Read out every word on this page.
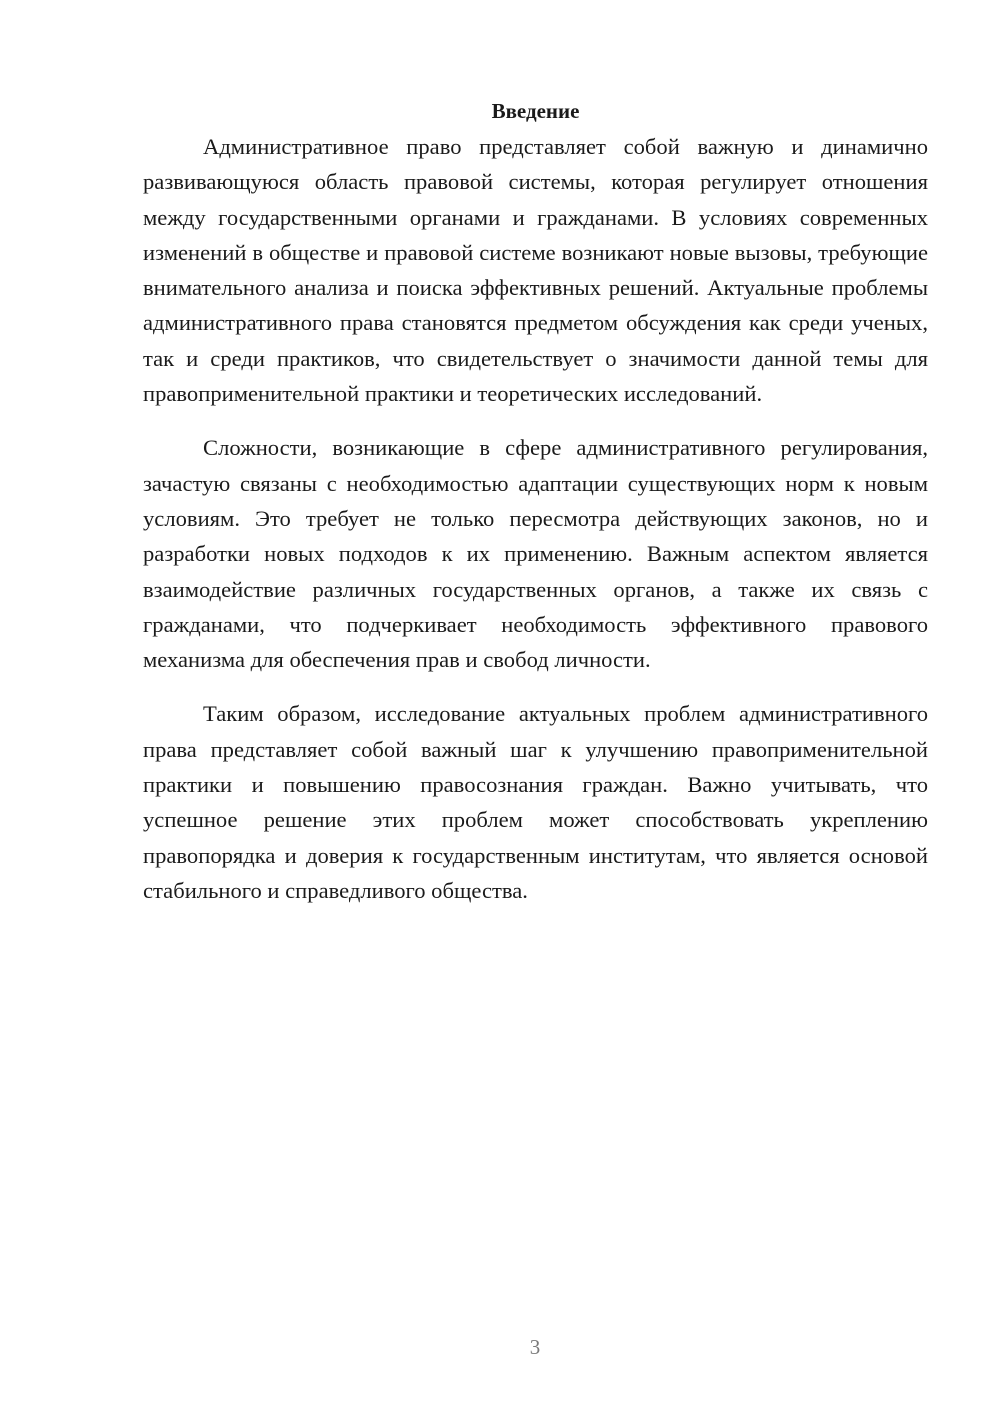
Введение

Административное право представляет собой важную и динамично развивающуюся область правовой системы, которая регулирует отношения между государственными органами и гражданами. В условиях современных изменений в обществе и правовой системе возникают новые вызовы, требующие внимательного анализа и поиска эффективных решений. Актуальные проблемы административного права становятся предметом обсуждения как среди ученых, так и среди практиков, что свидетельствует о значимости данной темы для правоприменительной практики и теоретических исследований.

Сложности, возникающие в сфере административного регулирования, зачастую связаны с необходимостью адаптации существующих норм к новым условиям. Это требует не только пересмотра действующих законов, но и разработки новых подходов к их применению. Важным аспектом является взаимодействие различных государственных органов, а также их связь с гражданами, что подчеркивает необходимость эффективного правового механизма для обеспечения прав и свобод личности.

Таким образом, исследование актуальных проблем административного права представляет собой важный шаг к улучшению правоприменительной практики и повышению правосознания граждан. Важно учитывать, что успешное решение этих проблем может способствовать укреплению правопорядка и доверия к государственным институтам, что является основой стабильного и справедливого общества.

3
